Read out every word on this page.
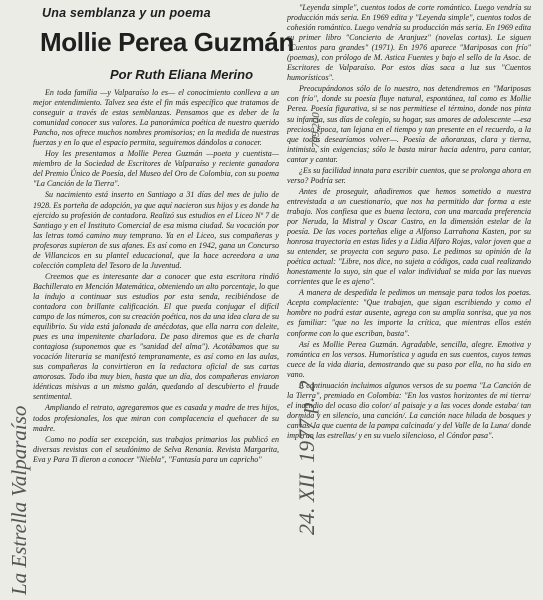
Una semblanza y un poema
Mollie Perea Guzmán
Por Ruth Eliana Merino

En toda familia —y Valparaíso lo es— el conocimiento conlleva a un mejor entendimiento. Talvez sea éste el fin más específico que tratamos de conseguir a través de estas semblanzas. Pensamos que es deber de la comunidad conocer sus valores. La panorámica poética de nuestro querido Pancho, nos ofrece muchos nombres promisorios; en la medida de nuestras fuerzas y en lo que el espacio permita, seguiremos dándolos a conocer.

Hoy les presentamos a Mollie Perea Guzmán —poeta y cuentista— miembro de la Sociedad de Escritores de Valparaíso y reciente ganadora del Premio Único de Poesía, del Museo del Oro de Colombia, con su poema "La Canción de la Tierra".

Su nacimiento está inserto en Santiago a 31 días del mes de julio de 1928. Es porteña de adopción, ya que aquí nacieron sus hijos y es donde ha ejercido su profesión de contadora. Realizó sus estudios en el Liceo Nº 7 de Santiago y en el Instituto Comercial de esa misma ciudad. Su vocación por las letras tomó camino muy temprano. Ya en el Liceo, sus compañeras y profesoras supieron de sus afanes. Es así como en 1942, gana un Concurso de Villancicos en su plantel educacional, que la hace acreedora a una colección completa del Tesoro de la Juventud.

Creemos que es interesante dar a conocer que esta escritora rindió Bachillerato en Mención Matemática, obteniendo un alto porcentaje, lo que la indujo a continuar sus estudios por esta senda, recibiéndose de contadora con brillante calificación. El que pueda conjugar el difícil campo de los números, con su creación poética, nos da una idea clara de su equilibrio. Su vida está jalonada de anécdotas, que ella narra con deleite, pues es una impenitente charladora. De paso diremos que es de charla contagiosa (suponemos que es "sanidad del alma"). Acotábamos que su vocación literaria se manifestó tempranamente, es así como en las aulas, sus compañeras la convirtieron en la redactora oficial de sus cartas amorosas. Todo iba muy bien, hasta que un día, dos compañeras enviaron idénticas misivas a un mismo galán, quedando al descubierto el fraude sentimental.

Ampliando el retrato, agregaremos que es casada y madre de tres hijos, todos profesionales, los que miran con complacencia el quehacer de su madre.

Como no podía ser excepción, sus trabajos primarios los publicó en diversas revistas con el seudónimo de Selva Renania. Revista Margarita, Eva y Para Ti dieron a conocer "Niebla", "Fantasía para un capricho"

"Leyenda simple", cuentos todos de corte romántico. Luego vendría su producción más seria. En 1969 edita y "Leyenda simple", cuentos todos de cohesión romántico. Luego vendría su producción más seria. En 1969 edita su primer libro "Concierto de Aranjuez" (novelas cortas). Le siguen "Cuentos para grandes" (1971). En 1976 aparece "Mariposas con frío" (poemas), con prólogo de M. Astica Fuentes y bajo el sello de la Asoc. de Escritores de Valparaíso. Por estos días saca a luz sus "Cuentos humorísticos".

Preocupándonos sólo de lo nuestro, nos detendremos en "Mariposas con frío", donde su poesía fluye natural, espontánea, tal como es Mollie Perea. Poesía figurativa, si se nos permitiese el término, donde nos pinta su infancia, sus días de colegio, su hogar, sus amores de adolescente —esa preciosa época, tan lejana en el tiempo y tan presente en el recuerdo, a la que todos desearíamos volver—. Poesía de añoranzas, clara y tierna, intimista, sin exigencias; sólo le basta mirar hacia adentro, para cantar, cantar y cantar.

¿Es su facilidad innata para escribir cuentos, que se prolonga ahora en verso? Podría ser.

Antes de proseguir, añadiremos que hemos sometido a nuestra entrevistada a un cuestionario, que nos ha permitido dar forma a este trabajo. Nos confiesa que es buena lectora, con una marcada preferencia por Neruda, la Mistral y Oscar Castro, en la dimensión estelar de la poesía. De las voces porteñas elige a Alfonso Larrahona Kasten, por su honrosa trayectoria en estas lides y a Lidia Alfaro Rojas, valor joven que a su entender, se proyecta con seguro paso. Le pedimos su opinión de la poética actual: "Libre, nos dice, no sujeta a códigos, cada cual realizando honestamente lo suyo, sin que el valor individual se mida por las nuevas corrientes que le es ajeno".

A manera de despedida le pedimos un mensaje para todos los poetas. Acepta complaciente: "Que trabajen, que sigan escribiendo y como el hombre no podrá estar ausente, agrega con su amplia sonrisa, que ya nos es familiar: "que no les importe la crítica, que mientras ellos estén conforme con lo que escriban, basta".

Así es Mollie Perea Guzmán. Agradable, sencilla, alegre. Emotiva y romántica en los versos. Humorística y aguda en sus cuentos, cuyos temas cuece de la vida diaria, demostrando que su paso por ella, no ha sido en vano.

A continuación incluimos algunos versos de su poema "La Canción de la Tierra", premiado en Colombia: "En los vastos horizontes de mi tierra/ el incendio del ocaso dio color/ al paisaje y a las voces donde estaba/ tan dormida y en silencio, una canción/. La canción nace hilada de bosques y canvas/ la que cuenta de la pampa calcinada/ y del Valle de la Luna/ donde imperan las estrellas/ y en su vuelo silencioso, el Cóndor pasa".

709.200
24. XII. 1977 p. 2
La Estrella Valparaíso
